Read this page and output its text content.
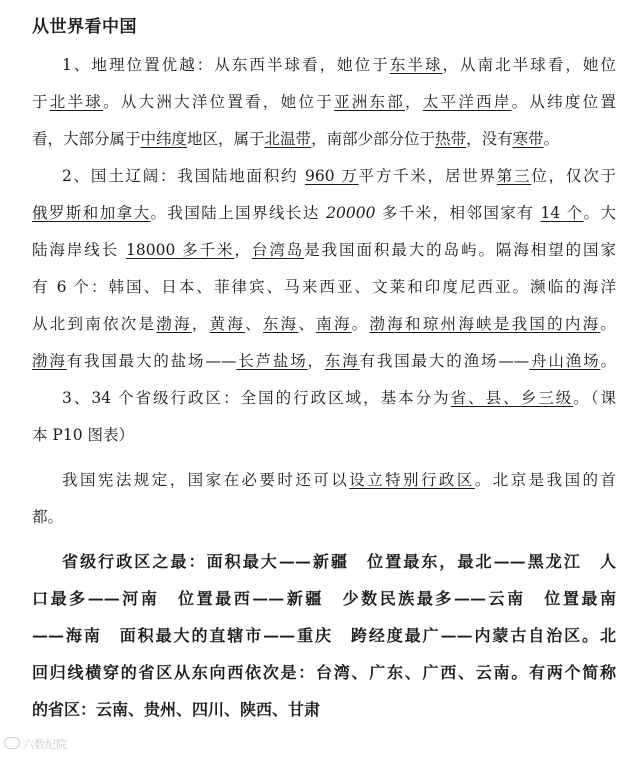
从世界看中国
1、地理位置优越：从东西半球看，她位于东半球，从南北半球看，她位
于北半球。从大洲大洋位置看，她位于亚洲东部，太平洋西岸。从纬度位置
看，大部分属于中纬度地区，属于北温带，南部少部分位于热带，没有寒带。
2、国土辽阔：我国陆地面积约 960 万平方千米，居世界第三位，仅次于
俄罗斯和加拿大。我国陆上国界线长达 20000 多千米，相邻国家有 14 个。大
陆海岸线长 18000 多千米，台湾岛是我国面积最大的岛屿。隔海相望的国家
有 6 个：韩国、日本、菲律宾、马来西亚、文莱和印度尼西亚。濒临的海洋
从北到南依次是渤海，黄海、东海、南海。渤海和琼州海峡是我国的内海。
渤海有我国最大的盐场——长芦盐场，东海有我国最大的渔场——舟山渔场。
3、34 个省级行政区：全国的行政区域，基本分为省、县、乡三级。（课
本 P10 图表）
我国宪法规定，国家在必要时还可以设立特别行政区。北京是我国的首
都。
省级行政区之最：面积最大——新疆　位置最东，最北——黑龙江　人
口最多——河南　位置最西——新疆　少数民族最多——云南　位置最南
——海南　面积最大的直辖市——重庆　跨经度最广——内蒙古自治区。北
回归线横穿的省区从东向西依次是：台湾、广东、广西、云南。有两个简称
的省区：云南、贵州、四川、陕西、甘肃
六数纪院
